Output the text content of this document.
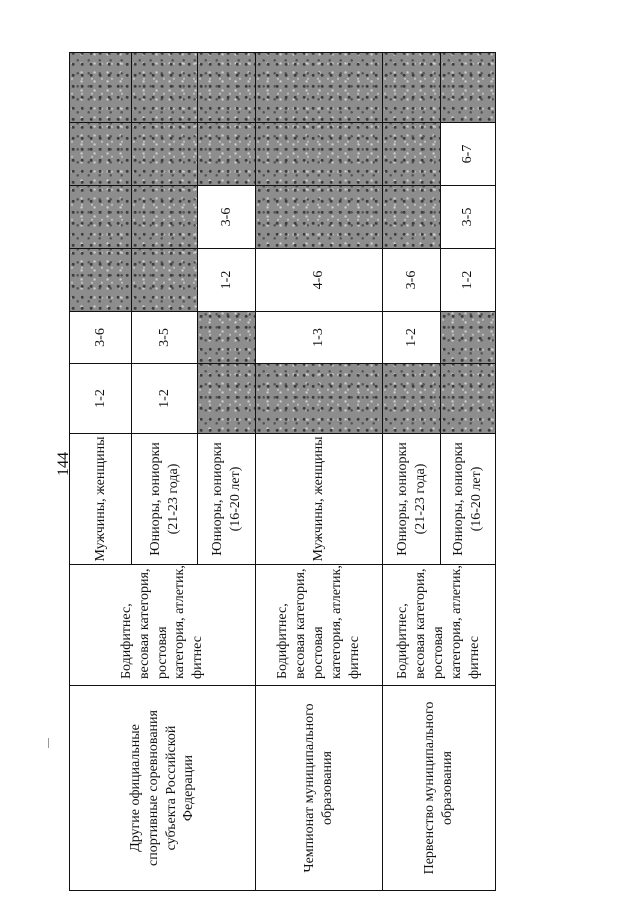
144
Другие официальные спортивные соревнования субъекта Российской Федерации	Бодифитнес, весовая категория, ростовая категория, атлетик, фитнес	Мужчины, женщины	1-2	3-6					
		Юниоры, юниорки (21-23 года)	1-2	3-5					
		Юниоры, юниорки (16-20 лет)			1-2	3-6			
Чемпионат муниципального образования	Бодифитнес, весовая категория, ростовая категория, атлетик, фитнес	Мужчины, женщины		1-3	4-6				
Первенство муниципального образования	Бодифитнес, весовая категория, ростовая категория, атлетик, фитнес	Юниоры, юниорки (21-23 года)		1-2	3-6				
		Юниоры, юниорки (16-20 лет)			1-2	3-5	6-7		
